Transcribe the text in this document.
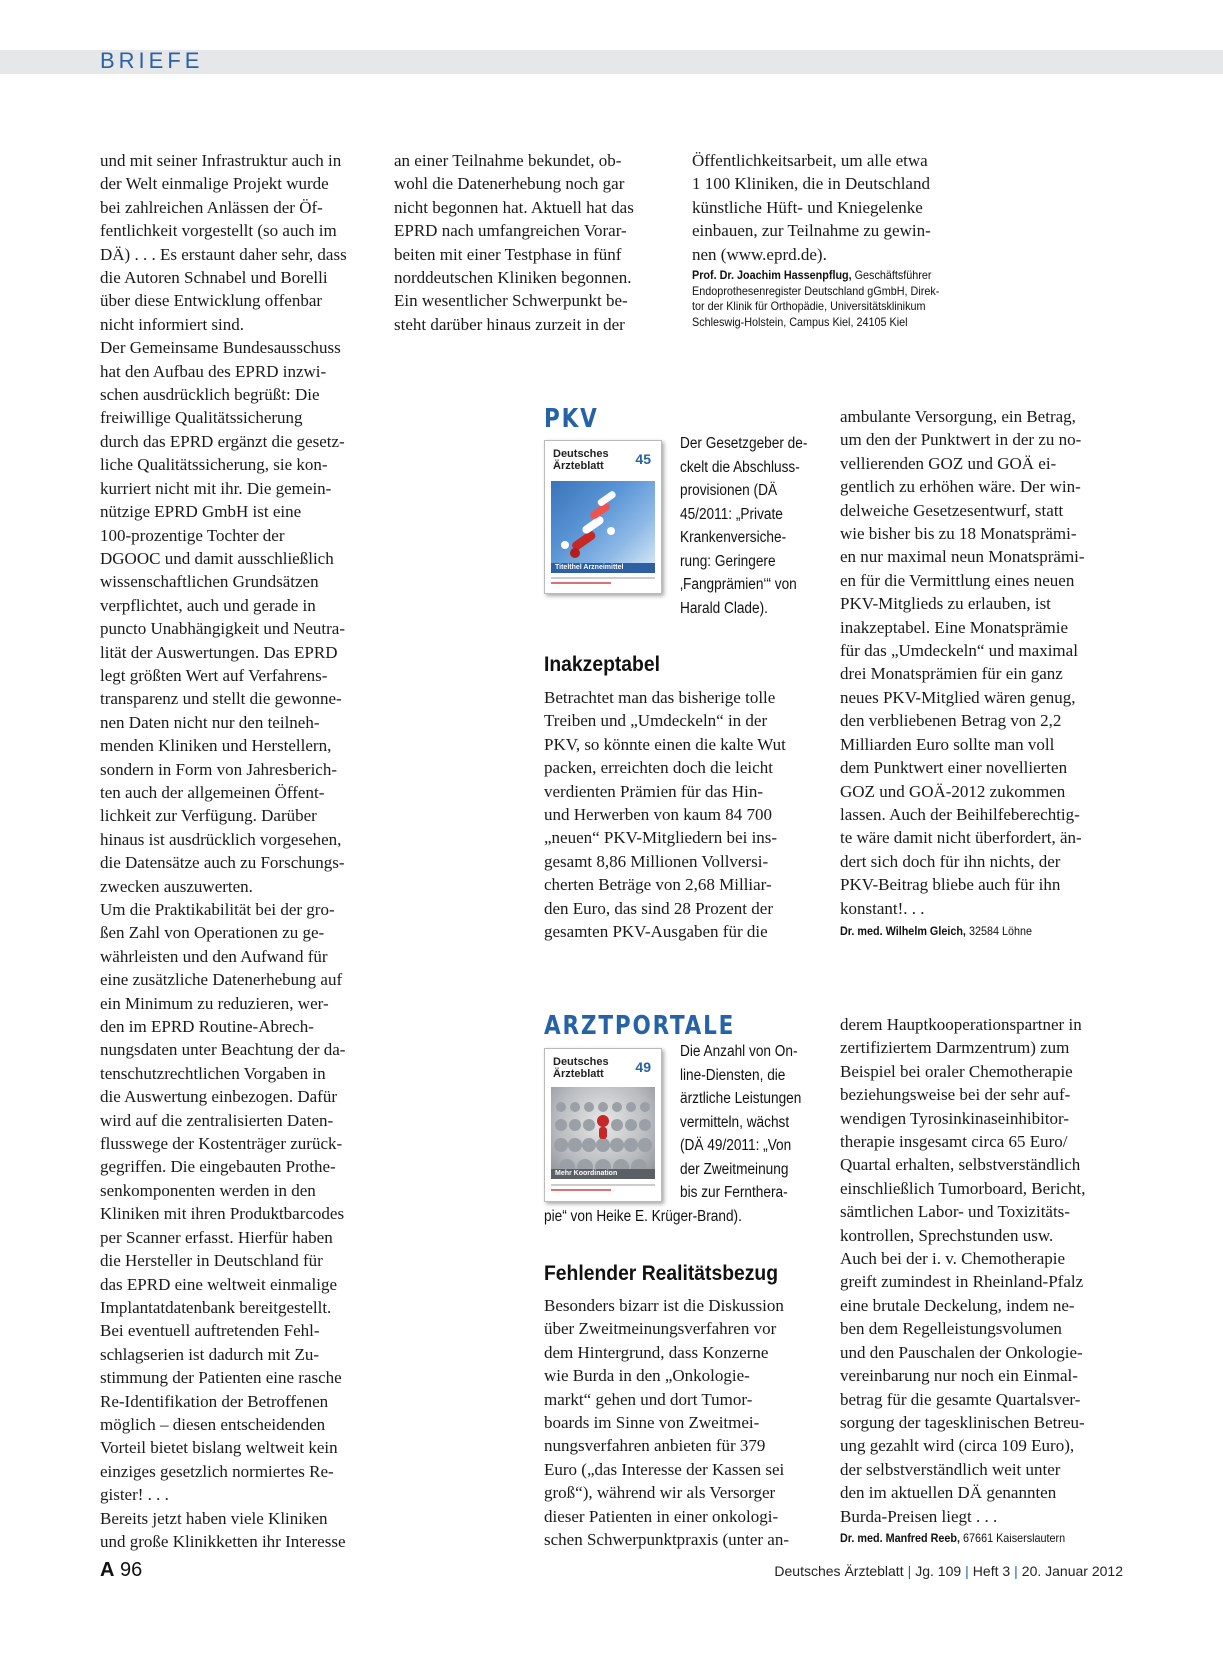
BRIEFE
und mit seiner Infrastruktur auch in
der Welt einmalige Projekt wurde
bei zahlreichen Anlässen der Öf-
fentlichkeit vorgestellt (so auch im
DÄ) . . . Es erstaunt daher sehr, dass
die Autoren Schnabel und Borelli
über diese Entwicklung offenbar
nicht informiert sind.
Der Gemeinsame Bundesausschuss
hat den Aufbau des EPRD inzwi-
schen ausdrücklich begrüßt: Die
freiwillige Qualitätssicherung
durch das EPRD ergänzt die gesetz-
liche Qualitätssicherung, sie kon-
kurriert nicht mit ihr. Die gemein-
nützige EPRD GmbH ist eine
100-prozentige Tochter der
DGOOC und damit ausschließlich
wissenschaftlichen Grundsätzen
verpflichtet, auch und gerade in
puncto Unabhängigkeit und Neutra-
lität der Auswertungen. Das EPRD
legt größten Wert auf Verfahrens-
transparenz und stellt die gewonne-
nen Daten nicht nur den teilneh-
menden Kliniken und Herstellern,
sondern in Form von Jahresberich-
ten auch der allgemeinen Öffent-
lichkeit zur Verfügung. Darüber
hinaus ist ausdrücklich vorgesehen,
die Datensätze auch zu Forschungs-
zwecken auszuwerten.
Um die Praktikabilität bei der gro-
ßen Zahl von Operationen zu ge-
währleisten und den Aufwand für
eine zusätzliche Datenerhebung auf
ein Minimum zu reduzieren, wer-
den im EPRD Routine-Abrech-
nungsdaten unter Beachtung der da-
tenschutzrechtlichen Vorgaben in
die Auswertung einbezogen. Dafür
wird auf die zentralisierten Daten-
flusswege der Kostenträger zurück-
gegriffen. Die eingebauten Prothe-
senkomponenten werden in den
Kliniken mit ihren Produktbarcodes
per Scanner erfasst. Hierfür haben
die Hersteller in Deutschland für
das EPRD eine weltweit einmalige
Implantatdatenbank bereitgestellt.
Bei eventuell auftretenden Fehl-
schlagserien ist dadurch mit Zu-
stimmung der Patienten eine rasche
Re-Identifikation der Betroffenen
möglich – diesen entscheidenden
Vorteil bietet bislang weltweit kein
einziges gesetzlich normiertes Re-
gister! . . .
Bereits jetzt haben viele Kliniken
und große Klinikketten ihr Interesse
an einer Teilnahme bekundet, ob-
wohl die Datenerhebung noch gar
nicht begonnen hat. Aktuell hat das
EPRD nach umfangreichen Vorar-
beiten mit einer Testphase in fünf
norddeutschen Kliniken begonnen.
Ein wesentlicher Schwerpunkt be-
steht darüber hinaus zurzeit in der
Öffentlichkeitsarbeit, um alle etwa
1 100 Kliniken, die in Deutschland
künstliche Hüft- und Kniegelenke
einbauen, zur Teilnahme zu gewin-
nen (www.eprd.de).
Prof. Dr. Joachim Hassenpflug, Geschäftsführer
Endoprothesenregister Deutschland gGmbH, Direk-
tor der Klinik für Orthopädie, Universitätsklinikum
Schleswig-Holstein, Campus Kiel, 24105 Kiel
PKV
Deutsches
Ärzteblatt	45
Titelthel Arzneimittel
Der Gesetzgeber de-
ckelt die Abschluss-
provisionen (DÄ
45/2011: „Private
Krankenversiche-
rung: Geringere
‚Fangprämien‘“ von
Harald Clade).
Inakzeptabel
Betrachtet man das bisherige tolle
Treiben und „Umdeckeln“ in der
PKV, so könnte einen die kalte Wut
packen, erreichten doch die leicht
verdienten Prämien für das Hin-
und Herwerben von kaum 84 700
„neuen“ PKV-Mitgliedern bei ins-
gesamt 8,86 Millionen Vollversi-
cherten Beträge von 2,68 Milliar-
den Euro, das sind 28 Prozent der
gesamten PKV-Ausgaben für die
ambulante Versorgung, ein Betrag,
um den der Punktwert in der zu no-
vellierenden GOZ und GOÄ ei-
gentlich zu erhöhen wäre. Der win-
delweiche Gesetzesentwurf, statt
wie bisher bis zu 18 Monatsprämi-
en nur maximal neun Monatsprämi-
en für die Vermittlung eines neuen
PKV-Mitglieds zu erlauben, ist
inakzeptabel. Eine Monatsprämie
für das „Umdeckeln“ und maximal
drei Monatsprämien für ein ganz
neues PKV-Mitglied wären genug,
den verbliebenen Betrag von 2,2
Milliarden Euro sollte man voll
dem Punktwert einer novellierten
GOZ und GOÄ-2012 zukommen
lassen. Auch der Beihilfeberechtig-
te wäre damit nicht überfordert, än-
dert sich doch für ihn nichts, der
PKV-Beitrag bliebe auch für ihn
konstant!. . .
Dr. med. Wilhelm Gleich, 32584 Löhne
ARZTPORTALE
Deutsches
Ärzteblatt	49
Mehr Koordination
Die Anzahl von On-
line-Diensten, die
ärztliche Leistungen
vermitteln, wächst
(DÄ 49/2011: „Von
der Zweitmeinung
bis zur Ferntherа-
pie“ von Heike E. Krüger-Brand).
Fehlender Realitätsbezug
Besonders bizarr ist die Diskussion
über Zweitmeinungsverfahren vor
dem Hintergrund, dass Konzerne
wie Burda in den „Onkologie-
markt“ gehen und dort Tumor-
boards im Sinne von Zweitmei-
nungsverfahren anbieten für 379
Euro („das Interesse der Kassen sei
groß“), während wir als Versorger
dieser Patienten in einer onkologi-
schen Schwerpunktpraxis (unter an-
derem Hauptkooperationspartner in
zertifiziertem Darmzentrum) zum
Beispiel bei oraler Chemotherapie
beziehungsweise bei der sehr auf-
wendigen Tyrosinkinaseinhibitor-
therapie insgesamt circa 65 Euro/
Quartal erhalten, selbstverständlich
einschließlich Tumorboard, Bericht,
sämtlichen Labor- und Toxizitäts-
kontrollen, Sprechstunden usw.
Auch bei der i. v. Chemotherapie
greift zumindest in Rheinland-Pfalz
eine brutale Deckelung, indem ne-
ben dem Regelleistungsvolumen
und den Pauschalen der Onkologie-
vereinbarung nur noch ein Einmal-
betrag für die gesamte Quartalsver-
sorgung der tagesklinischen Betreu-
ung gezahlt wird (circa 109 Euro),
der selbstverständlich weit unter
den im aktuellen DÄ genannten
Burda-Preisen liegt . . .
Dr. med. Manfred Reeb, 67661 Kaiserslautern
A 96	Deutsches Ärzteblatt | Jg. 109 | Heft 3 | 20. Januar 2012
